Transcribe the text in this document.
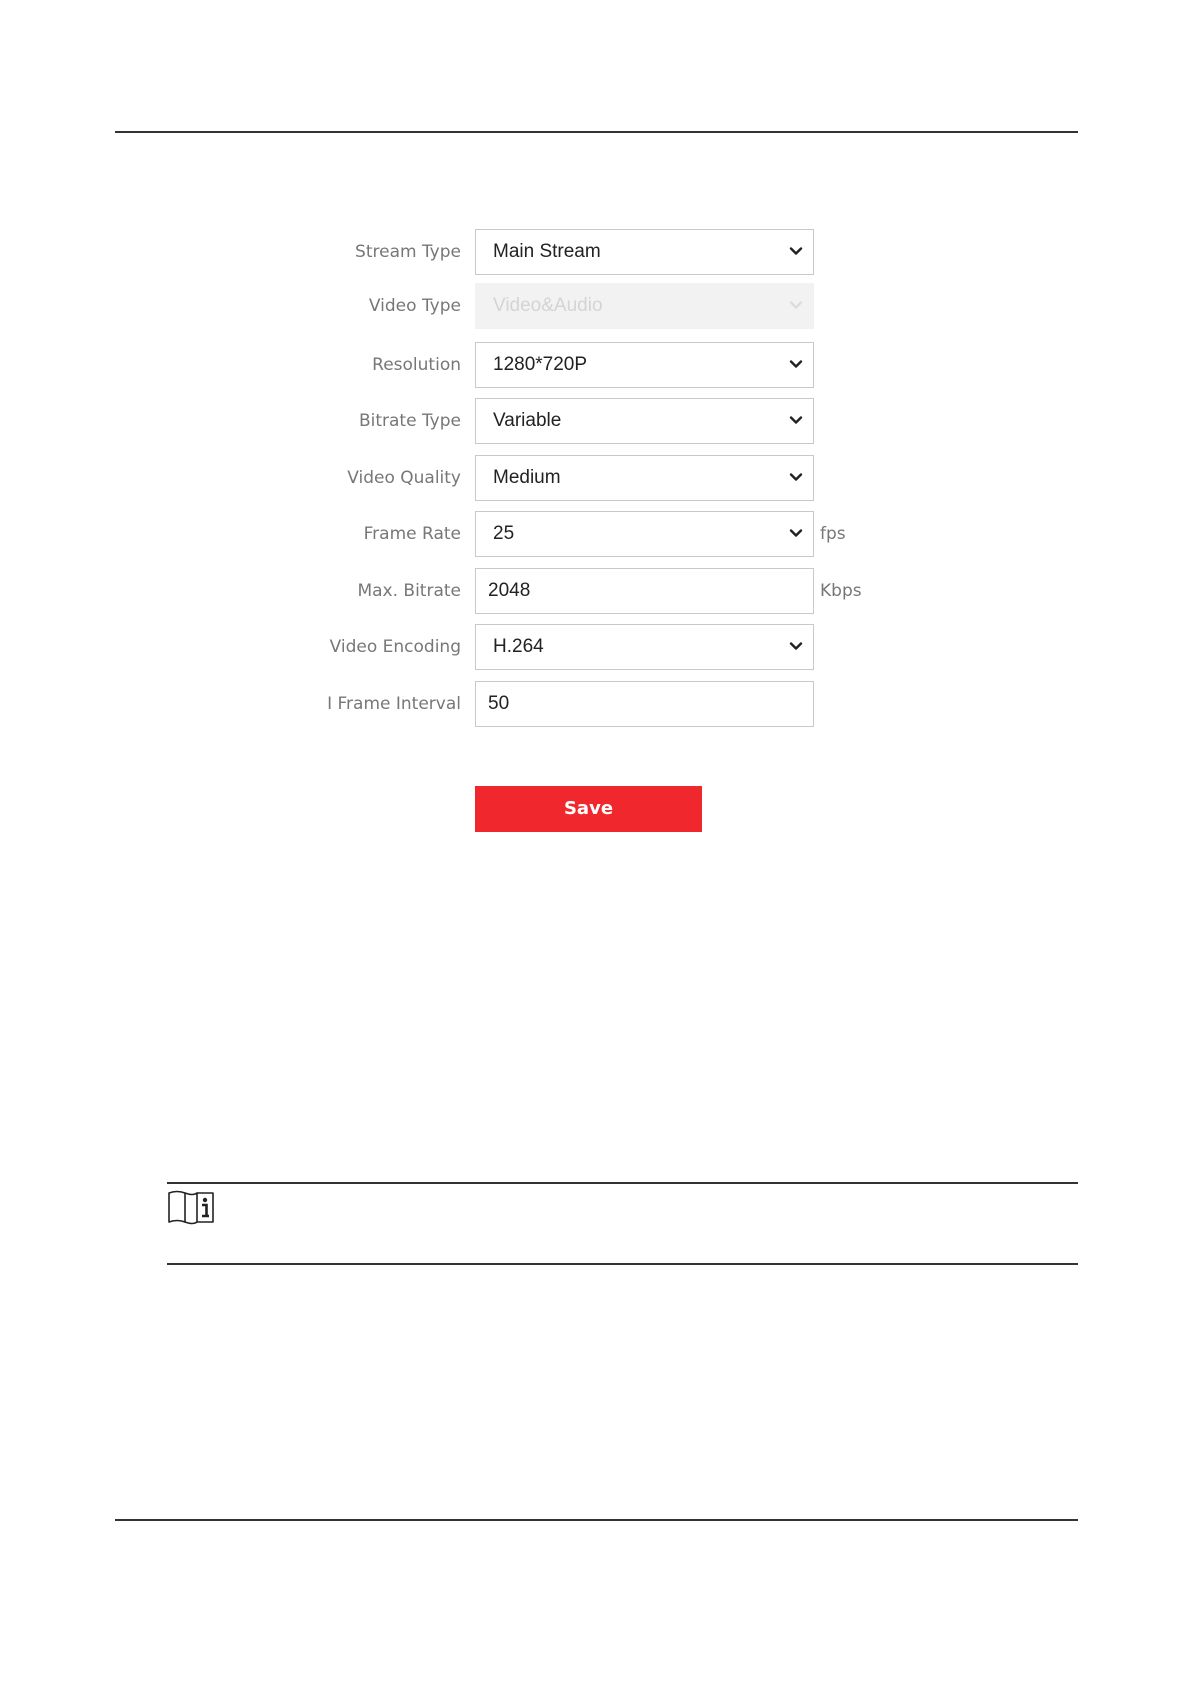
Stream Type Main Stream
Video Type Video&Audio
Resolution 1280*720P
Bitrate Type Variable
Video Quality Medium
Frame Rate 25	fps
Max. Bitrate 2048	Kbps
Video Encoding H.264
I Frame Interval 50
Save
